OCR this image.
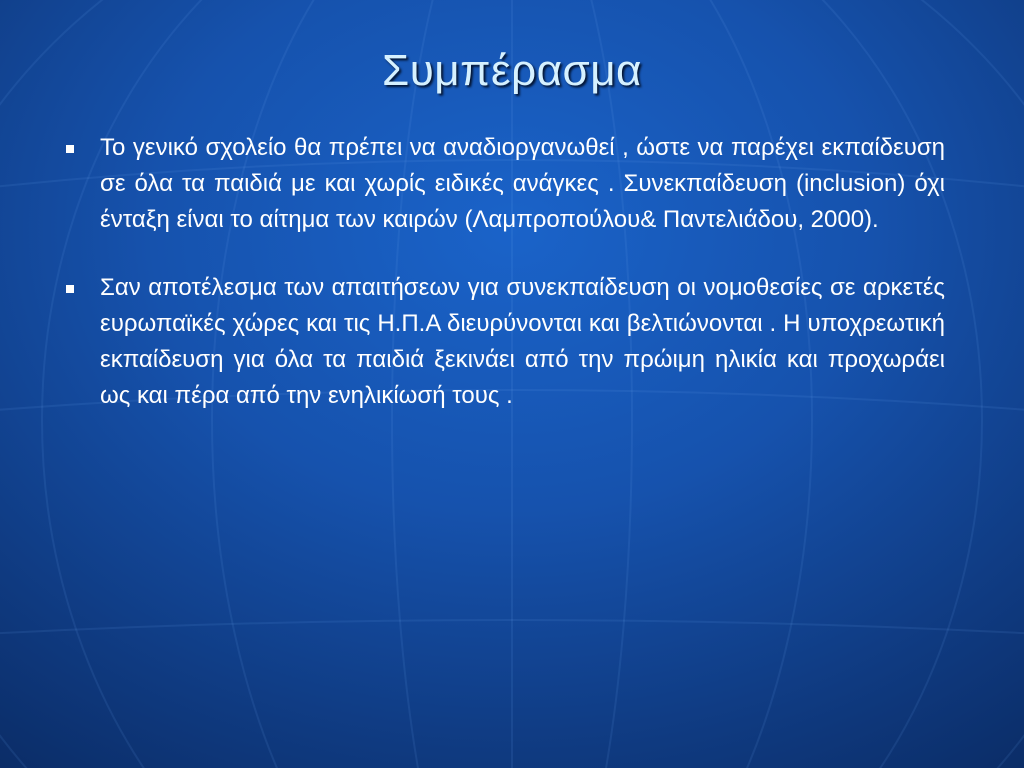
Συμπέρασμα
Το γενικό σχολείο θα πρέπει να αναδιοργανωθεί , ώστε να παρέχει εκπαίδευση σε όλα τα παιδιά με και χωρίς ειδικές ανάγκες . Συνεκπαίδευση (inclusion) όχι ένταξη είναι το αίτημα των καιρών (Λαμπροπούλου& Παντελιάδου, 2000).
Σαν αποτέλεσμα των απαιτήσεων για συνεκπαίδευση οι νομοθεσίες σε αρκετές ευρωπαϊκές χώρες και τις Η.Π.Α διευρύνονται και βελτιώνονται . Η υποχρεωτική εκπαίδευση για όλα τα παιδιά ξεκινάει από την πρώιμη ηλικία και προχωράει ως και πέρα από την ενηλικίωσή τους .
